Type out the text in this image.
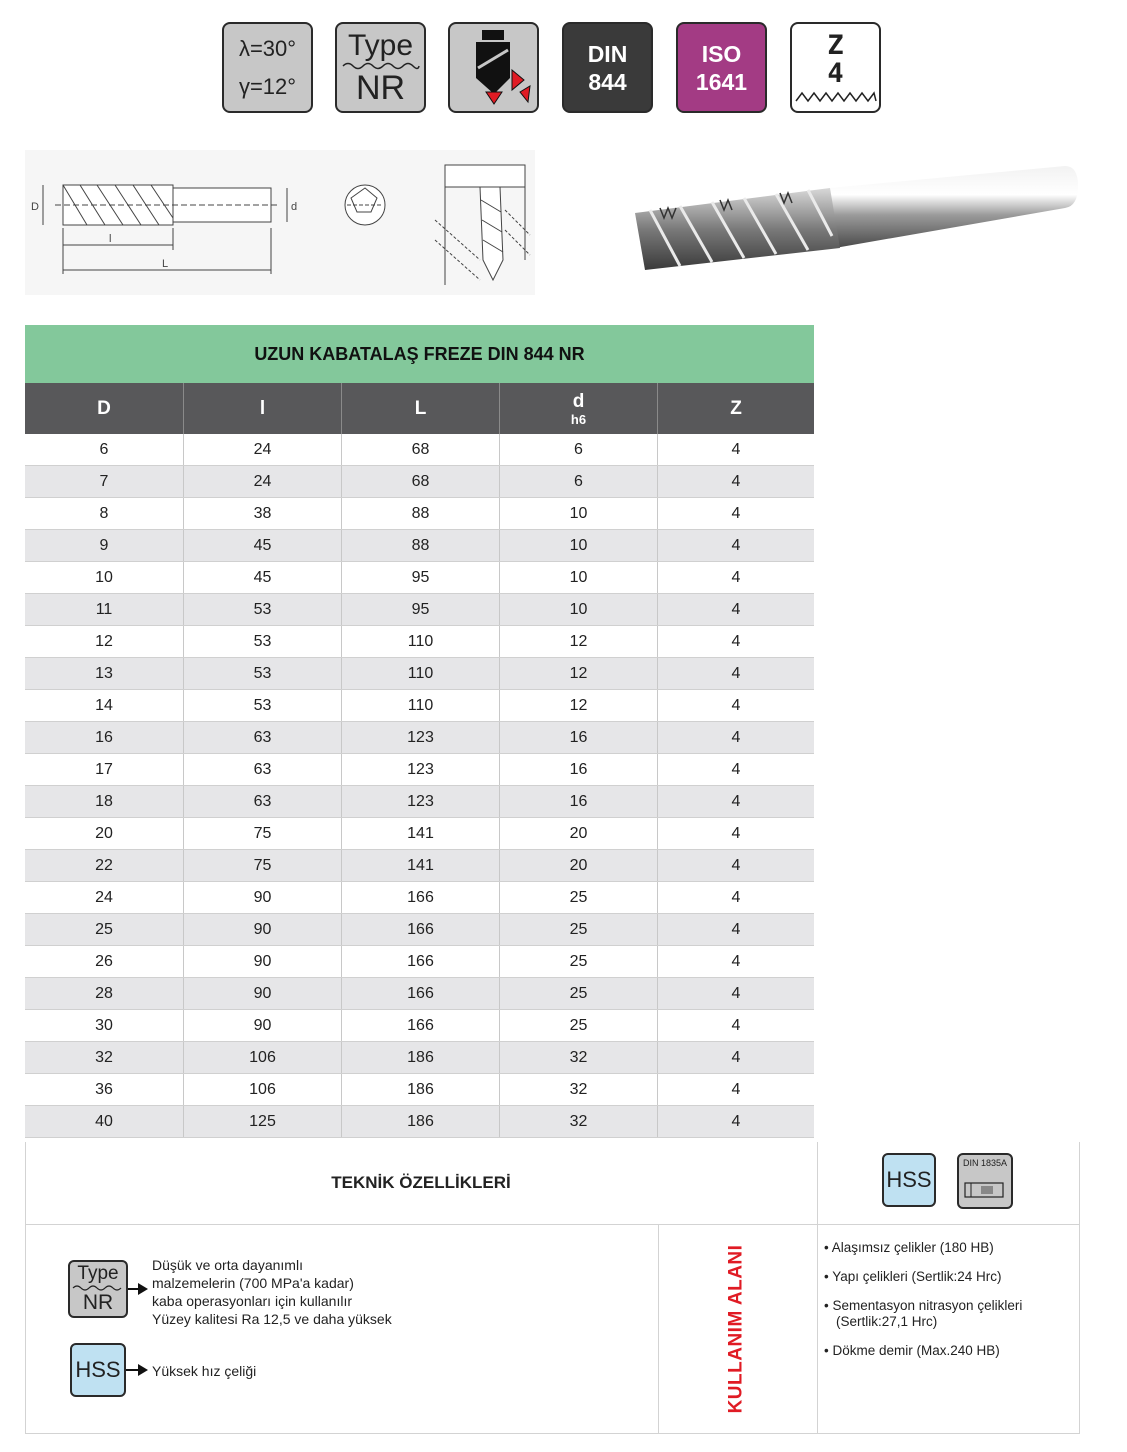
λ=30°
γ=12°
Type
NR
DIN
844
ISO
1641
Z
4
D
l
L
d
UZUN KABATALAŞ FREZE DIN 844 NR
D	l	L	d
h6
Z
6	24	68	6	4
7	24	68	6	4
8	38	88	10	4
9	45	88	10	4
10	45	95	10	4
11	53	95	10	4
12	53	110	12	4
13	53	110	12	4
14	53	110	12	4
16	63	123	16	4
17	63	123	16	4
18	63	123	16	4
20	75	141	20	4
22	75	141	20	4
24	90	166	25	4
25	90	166	25	4
26	90	166	25	4
28	90	166	25	4
30	90	166	25	4
32	106	186	32	4
36	106	186	32	4
40	125	186	32	4
TEKNİK ÖZELLİKLERİ	HSS
DIN 1835A
Type
NR
Düşük ve orta dayanımlı
malzemelerin (700 MPa'a kadar)
kaba operasyonları için kullanılır
Yüzey kalitesi Ra 12,5 ve daha yüksek
HSS Yüksek hız çeliği	KULLANIM ALANI
•	Alaşımsız çelikler (180 HB)
• Yapı çelikleri (Sertlik:24 Hrc)
• Sementasyon nitrasyon çelikleri (Sertlik:27,1 Hrc)
• Dökme demir (Max.240 HB)
